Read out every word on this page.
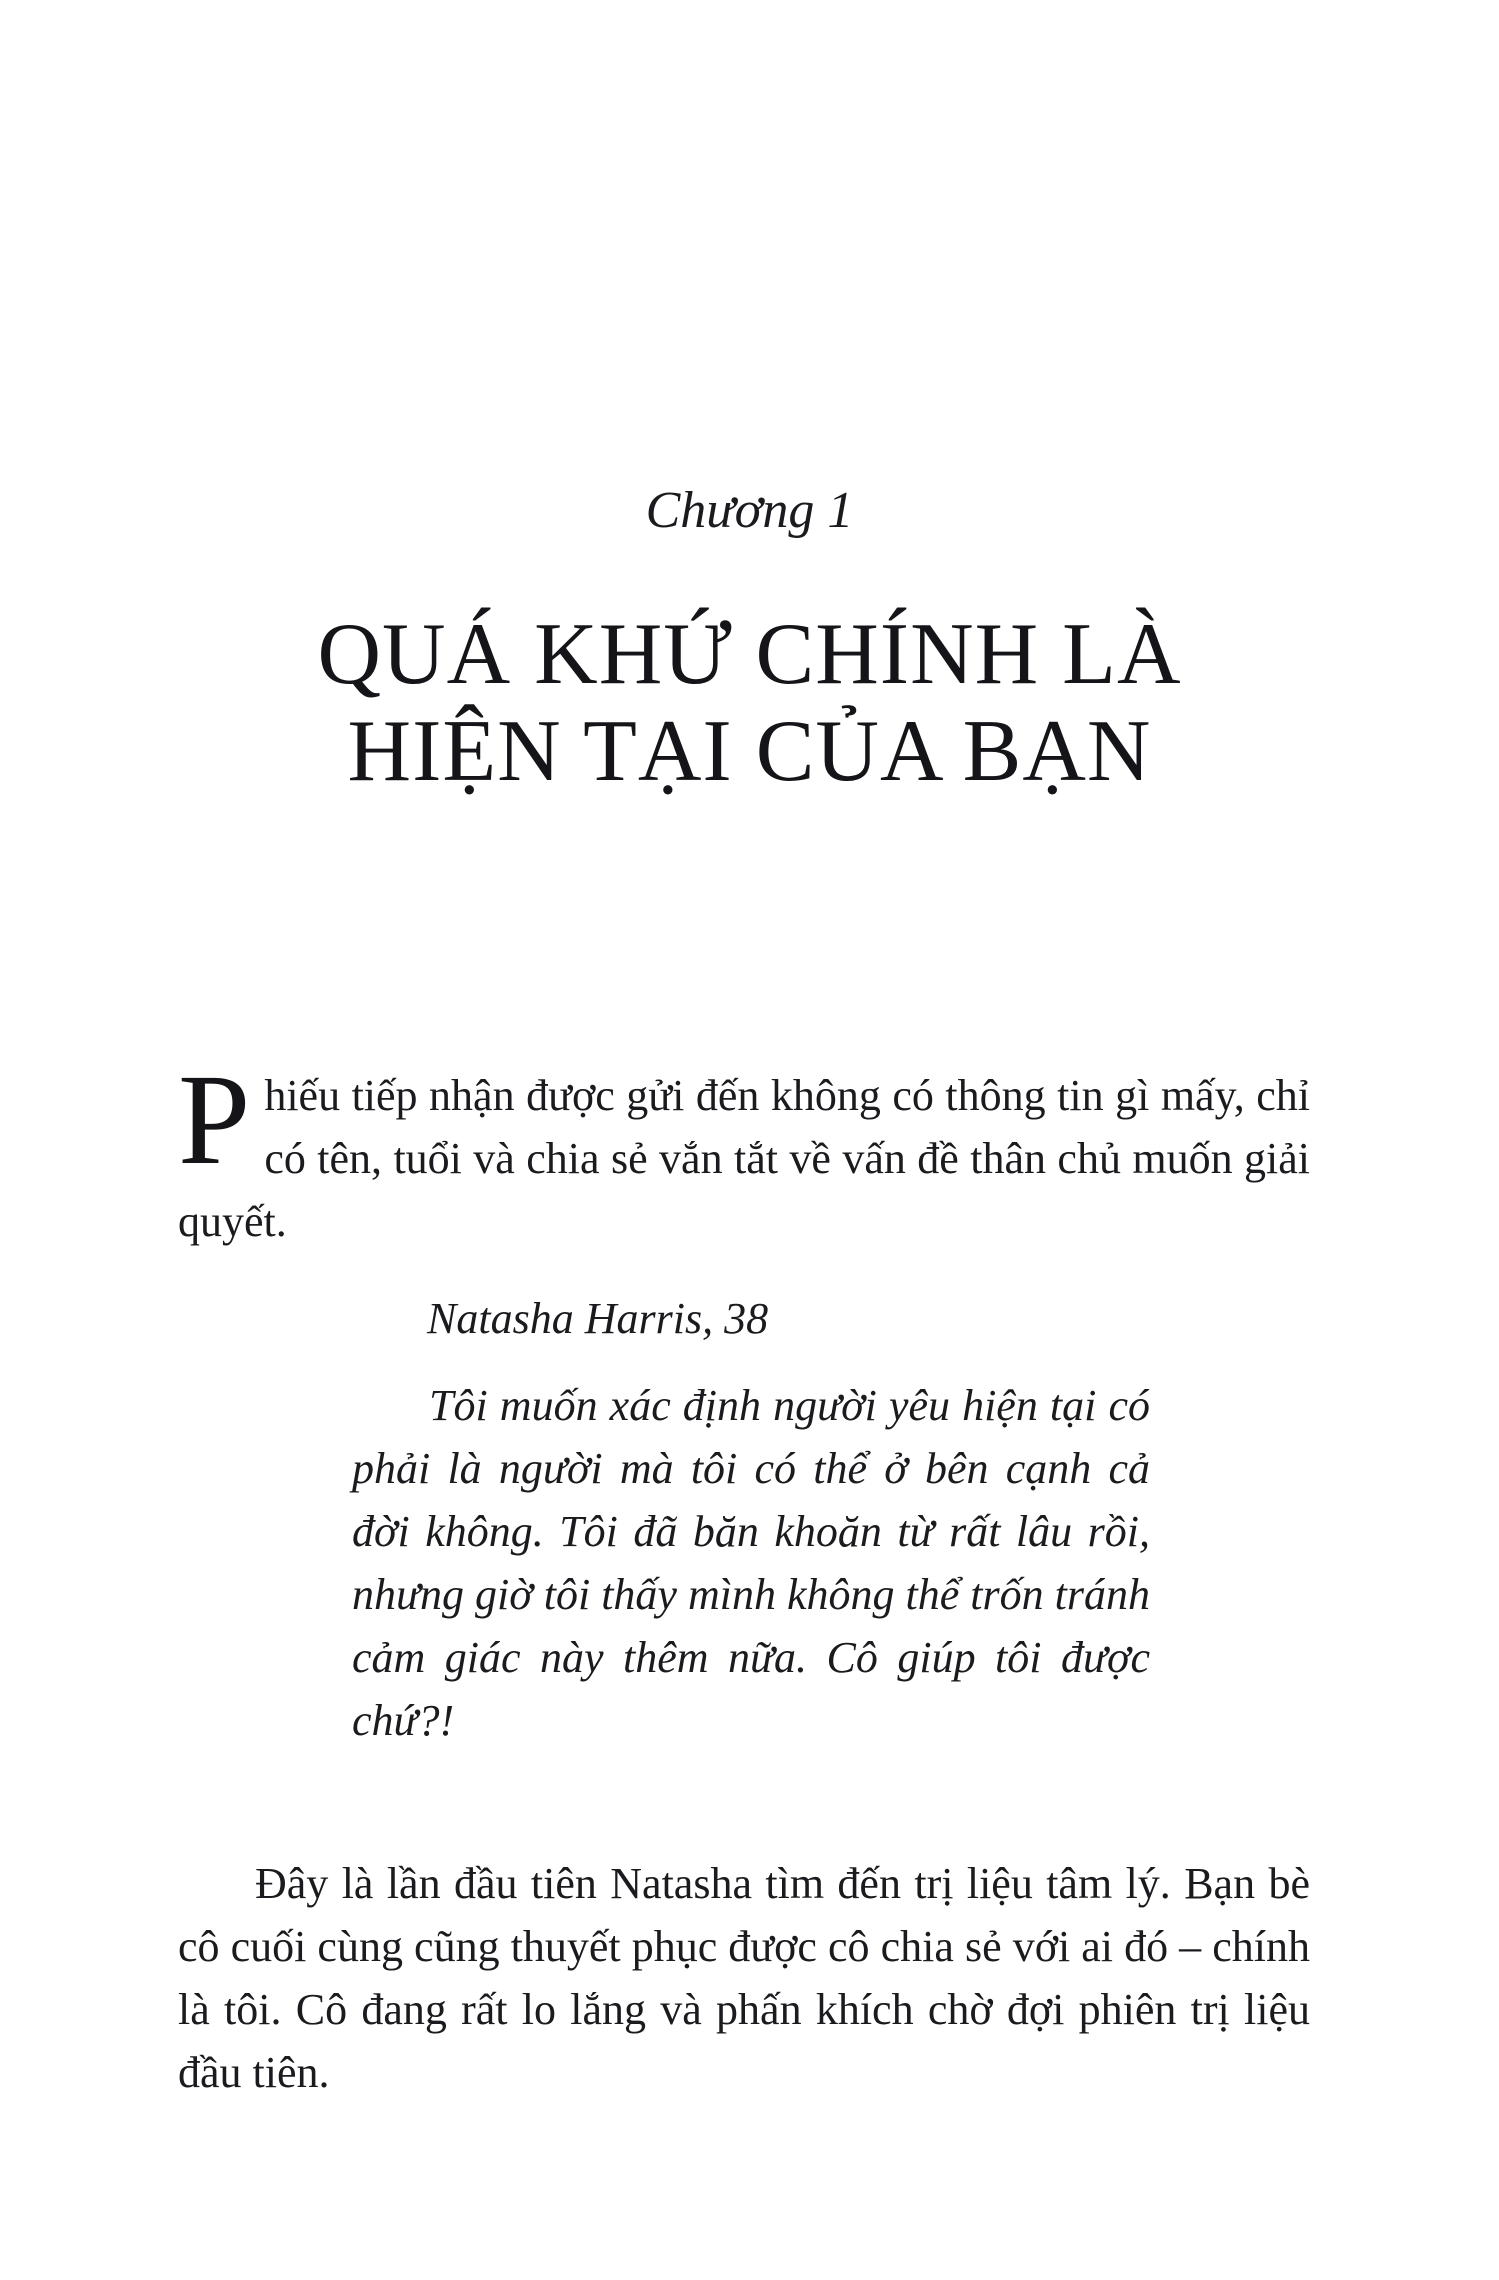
Chương 1
QUÁ KHỨ CHÍNH LÀ
HIỆN TẠI CỦA BẠN

Phiếu tiếp nhận được gửi đến không có thông tin gì mấy, chỉ có tên, tuổi và chia sẻ vắn tắt về vấn đề thân chủ muốn giải quyết.

Natasha Harris, 38
Tôi muốn xác định người yêu hiện tại có phải là người mà tôi có thể ở bên cạnh cả đời không. Tôi đã băn khoăn từ rất lâu rồi, nhưng giờ tôi thấy mình không thể trốn tránh cảm giác này thêm nữa. Cô giúp tôi được chứ?!

Đây là lần đầu tiên Natasha tìm đến trị liệu tâm lý. Bạn bè cô cuối cùng cũng thuyết phục được cô chia sẻ với ai đó – chính là tôi. Cô đang rất lo lắng và phấn khích chờ đợi phiên trị liệu đầu tiên.
